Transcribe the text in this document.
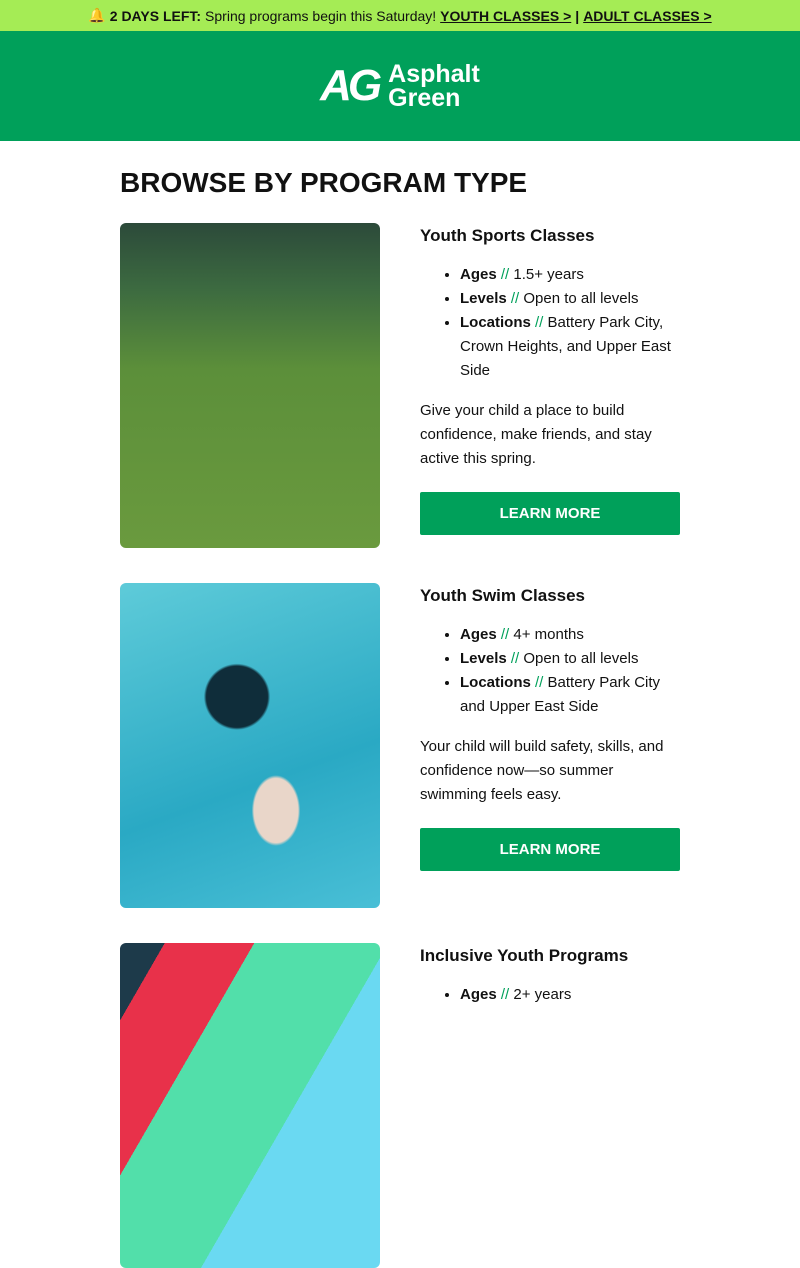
🔔 2 DAYS LEFT: Spring programs begin this Saturday! YOUTH CLASSES > | ADULT CLASSES >
AG Asphalt
Green
BROWSE BY PROGRAM TYPE
Youth Sports Classes
• Ages // 1.5+ years
• Levels // Open to all levels
• Locations // Battery Park City, Crown Heights, and Upper East Side

Give your child a place to build confidence, make friends, and stay active this spring.

LEARN MORE
Youth Swim Classes
• Ages // 4+ months
• Levels // Open to all levels
• Locations // Battery Park City and Upper East Side

Your child will build safety, skills, and confidence now—so summer swimming feels easy.

LEARN MORE
Inclusive Youth Programs
• Ages // 2+ years
